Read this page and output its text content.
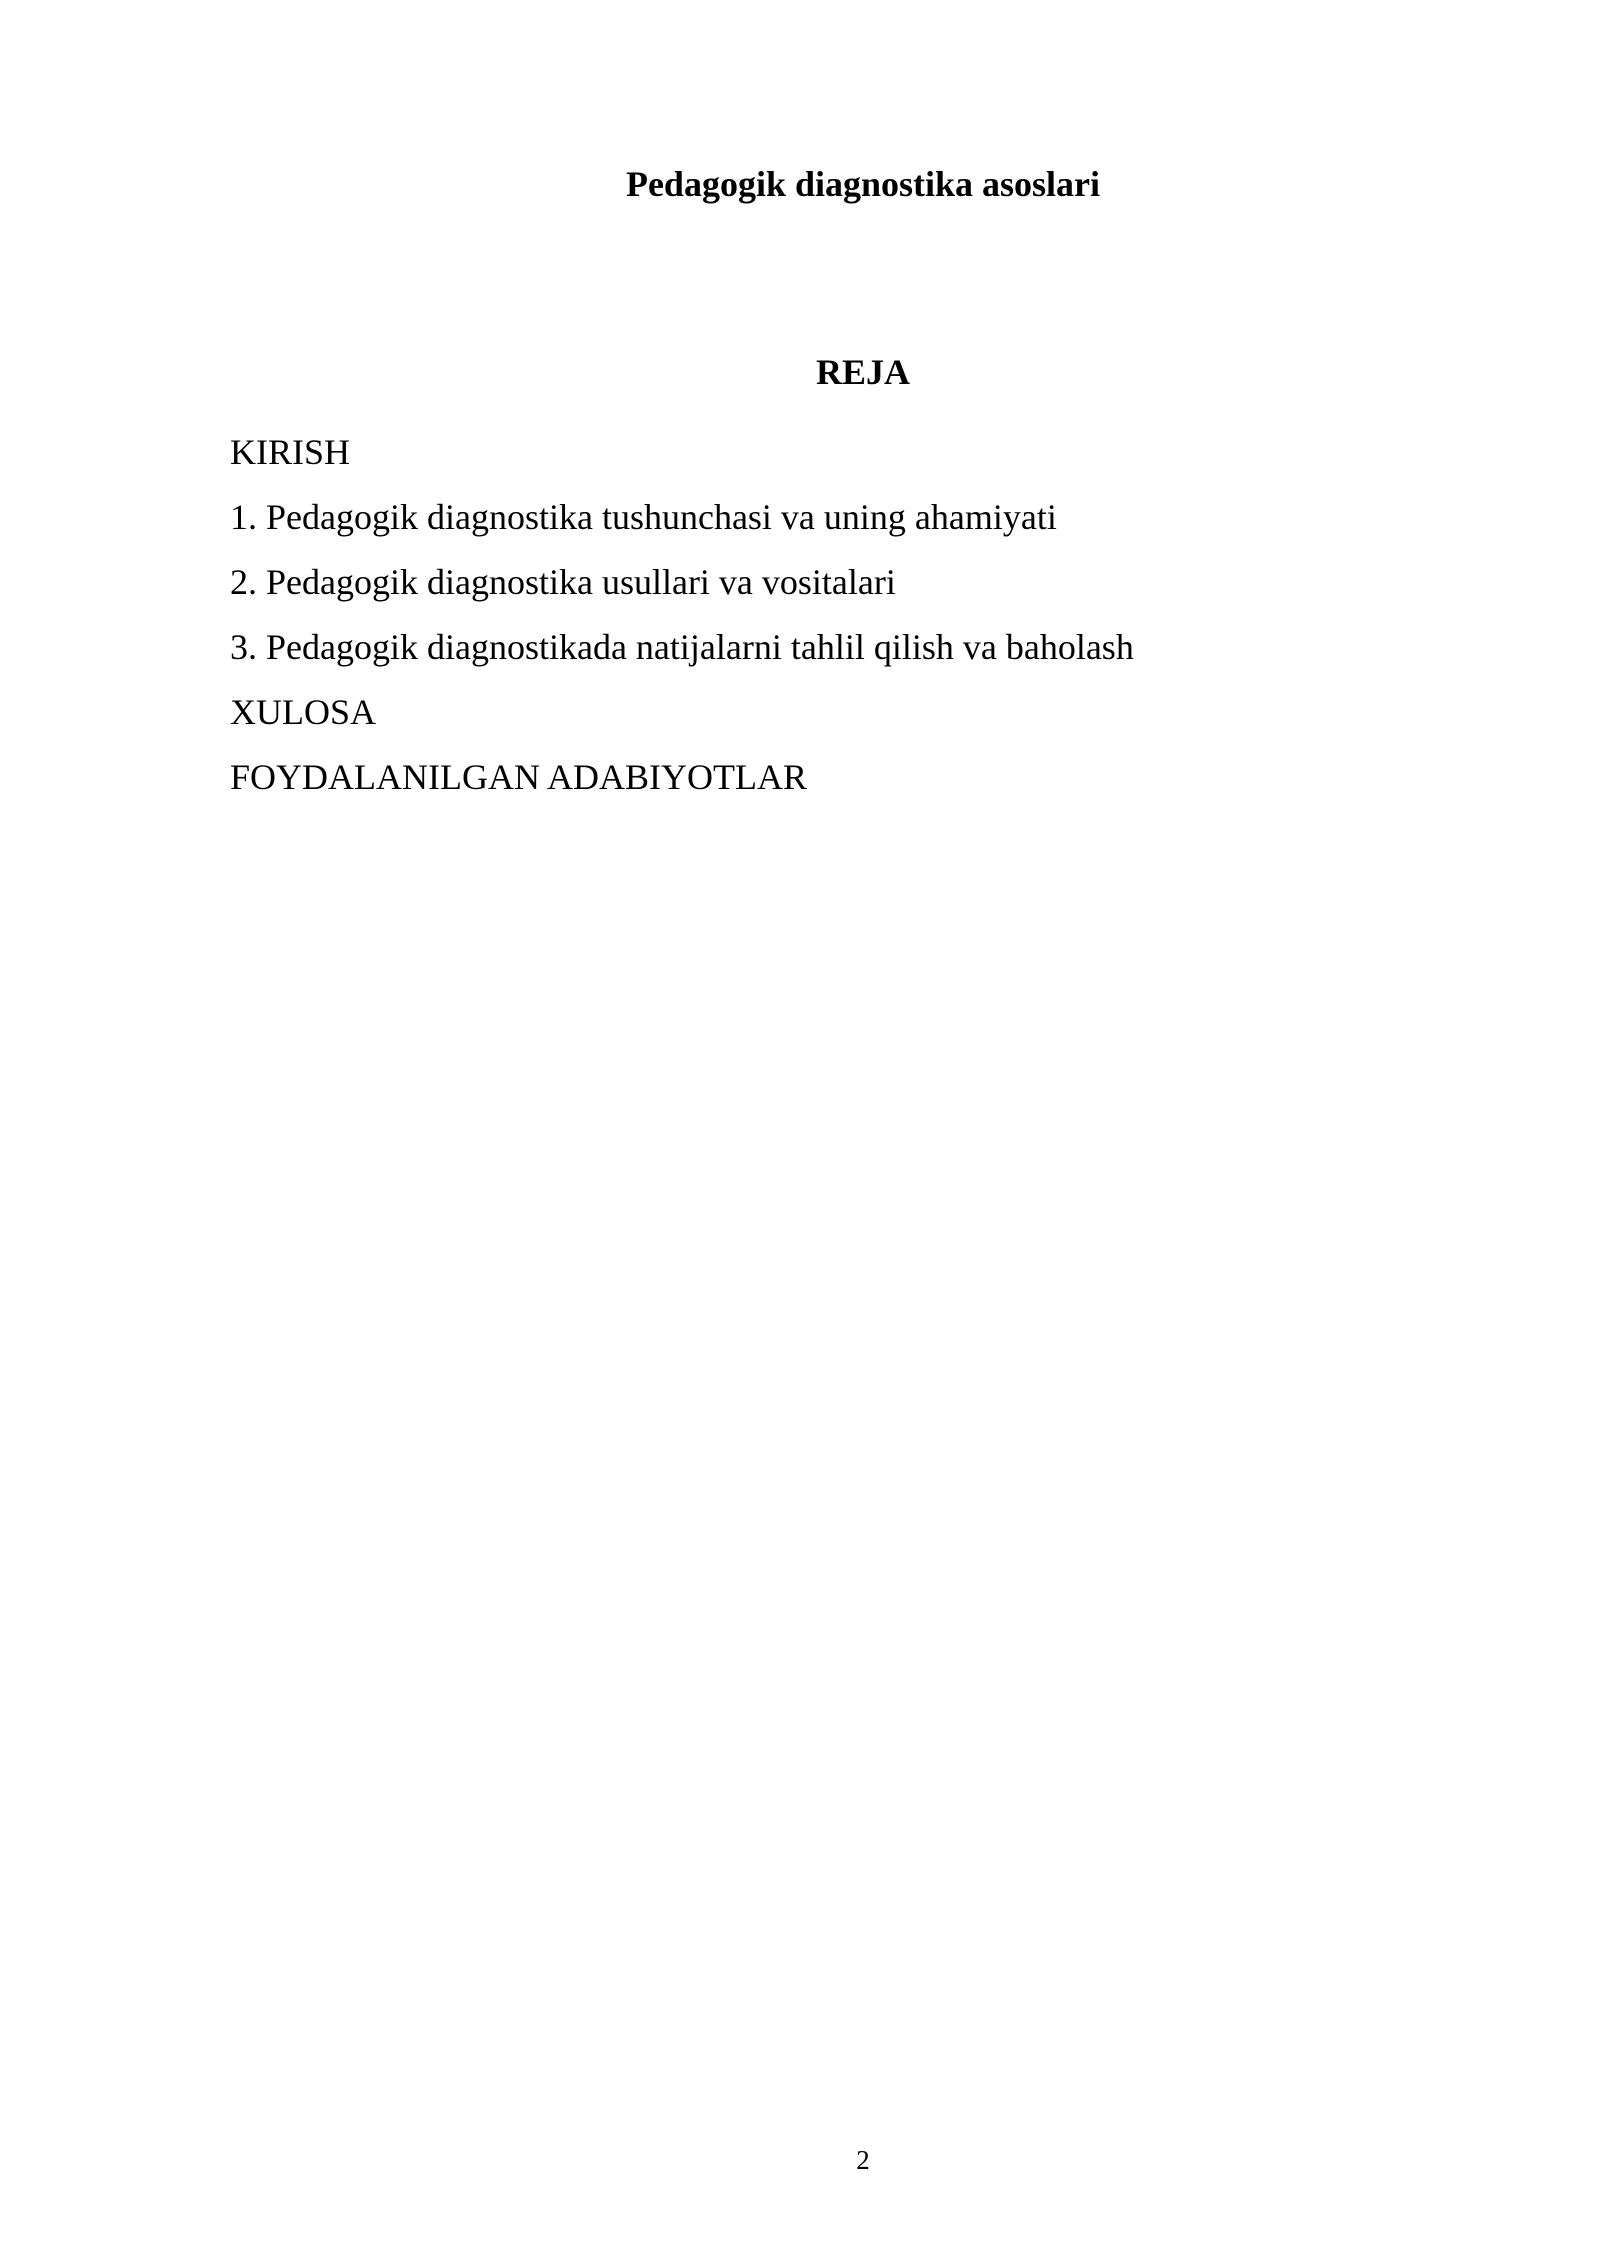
Pedagogik diagnostika asoslari
REJA
KIRISH
1. Pedagogik diagnostika tushunchasi va uning ahamiyati
2. Pedagogik diagnostika usullari va vositalari
3. Pedagogik diagnostikada natijalarni tahlil qilish va baholash
XULOSA
FOYDALANILGAN ADABIYOTLAR
2
